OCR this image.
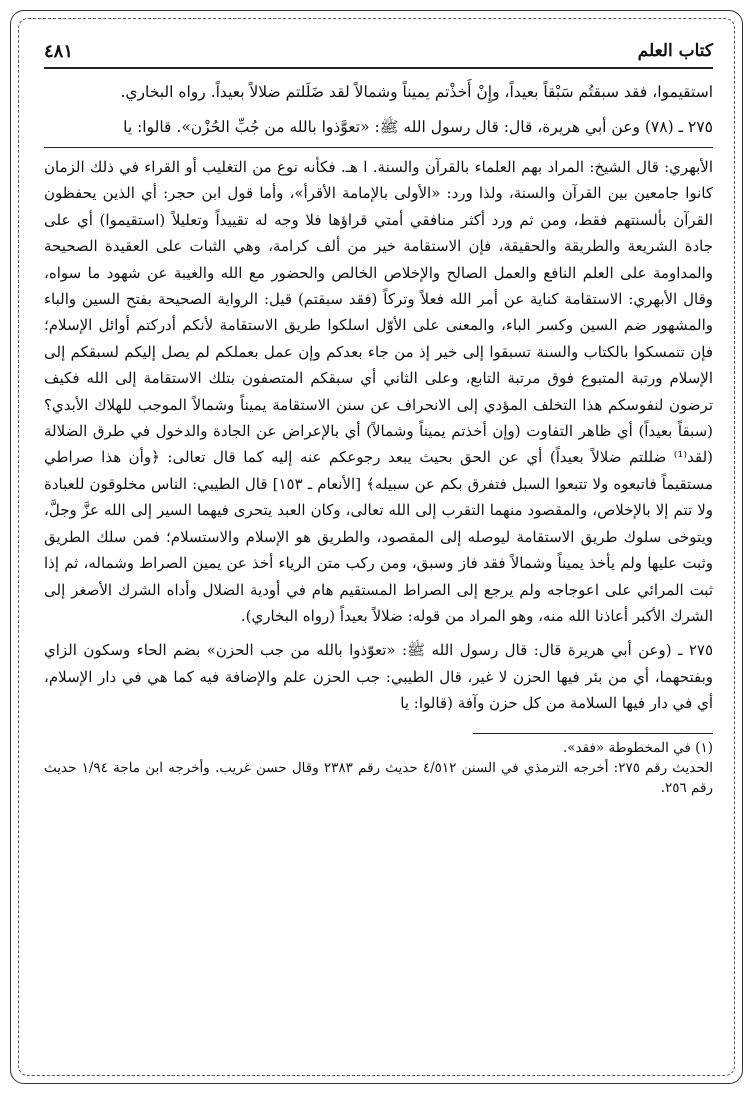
كتاب العلم
٤٨١

استقيموا، فقد سبقتُم سَبْقاً بعيداً، وإِنْ أَخذْتم يميناً وشمالاً لقد ضَلَلتم ضلالاً بعيداً. رواه البخاري.

٢٧٥ ـ (٧٨) وعن أبي هريرة، قال: قال رسول الله ﷺ: «تعوَّذوا بالله من جُبِّ الحُزْن». قالوا: يا

الأبهري: قال الشيخ: المراد بهم العلماء بالقرآن والسنة. ا هـ. فكأنه نوع من التغليب أو القراء في ذلك الزمان كانوا جامعين بين القرآن والسنة، ولذا ورد: «الأولى بالإمامة الأقرأ»، وأما قول ابن حجر: أي الذين يحفظون القرآن بألسنتهم فقط، ومن ثم ورد أكثر منافقي أمتي قراؤها فلا وجه له تقييداً وتعليلاً (استقيموا) أي على جادة الشريعة والطريقة والحقيقة، فإن الاستقامة خير من ألف كرامة، وهي الثبات على العقيدة الصحيحة والمداومة على العلم النافع والعمل الصالح والإخلاص الخالص والحضور مع الله والغيبة عن شهود ما سواه، وقال الأبهري: الاستقامة كناية عن أمر الله فعلاً وتركاً (فقد سبقتم) قيل: الرواية الصحيحة بفتح السين والباء والمشهور ضم السين وكسر الباء، والمعنى على الأوّل اسلكوا طريق الاستقامة لأنكم أدركتم أوائل الإسلام؛ فإن تتمسكوا بالكتاب والسنة تسبقوا إلى خير إذ من جاء بعدكم وإن عمل بعملكم لم يصل إليكم لسبقكم إلى الإسلام ورتبة المتبوع فوق مرتبة التابع، وعلى الثاني أي سبقكم المتصفون بتلك الاستقامة إلى الله فكيف ترضون لنفوسكم هذا التخلف المؤدي إلى الانحراف عن سنن الاستقامة يميناً وشمالاً الموجب للهلاك الأبدي؟ (سبقاً بعيداً) أي ظاهر التفاوت (وإن أخذتم يميناً وشمالاً) أي بالإعراض عن الجادة والدخول في طرق الضلالة (لقد⁽¹⁾ ضللتم ضلالاً بعيداً) أي عن الحق بحيث يبعد رجوعكم عنه إليه كما قال تعالى: ﴿وأن هذا صراطي مستقيماً فاتبعوه ولا تتبعوا السبل فتفرق بكم عن سبيله﴾ [الأنعام ـ ١٥٣] قال الطيبي: الناس مخلوقون للعبادة ولا تتم إلا بالإخلاص، والمقصود منهما التقرب إلى الله تعالى، وكان العبد يتحرى فيهما السير إلى الله عزَّ وجلَّ، ويتوخى سلوك طريق الاستقامة ليوصله إلى المقصود، والطريق هو الإسلام والاستسلام؛ فمن سلك الطريق وثبت عليها ولم يأخذ يميناً وشمالاً فقد فاز وسبق، ومن ركب متن الرياء أخذ عن يمين الصراط وشماله، ثم إذا ثبت المرائي على اعوجاجه ولم يرجع إلى الصراط المستقيم هام في أودية الضلال وأداه الشرك الأصغر إلى الشرك الأكبر أعاذنا الله منه، وهو المراد من قوله: ضلالاً بعيداً (رواه البخاري).

٢٧٥ ـ (وعن أبي هريرة قال: قال رسول الله ﷺ: «تعوّذوا بالله من جب الحزن» بضم الحاء وسكون الزاي وبفتحهما، أي من بئر فيها الحزن لا غير، قال الطيبي: جب الحزن علم والإضافة فيه كما هي في دار الإسلام، أي في دار فيها السلامة من كل حزن وآفة (قالوا: يا

(١) في المخطوطة «فقد».

الحديث رقم ٢٧٥: أخرجه الترمذي في السنن ٤/٥١٢ حديث رقم ٢٣٨٣ وقال حسن غريب. وأخرجه ابن ماجة ١/٩٤ حديث رقم ٢٥٦.
